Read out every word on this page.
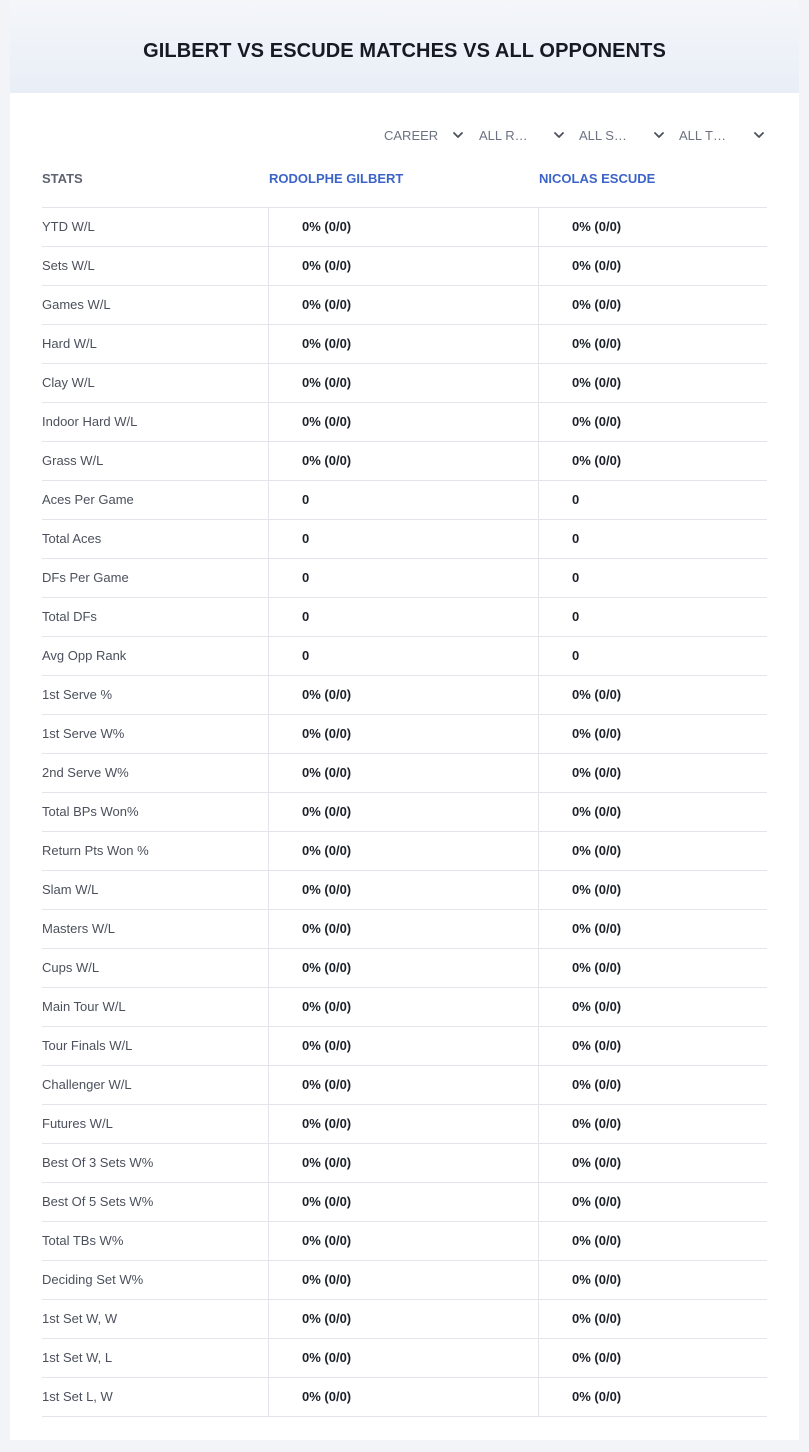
GILBERT VS ESCUDE MATCHES VS ALL OPPONENTS
CAREER	ALL R…	ALL S…	ALL T…
STATS	RODOLPHE GILBERT	NICOLAS ESCUDE
YTD W/L	0% (0/0)	0% (0/0)
Sets W/L	0% (0/0)	0% (0/0)
Games W/L	0% (0/0)	0% (0/0)
Hard W/L	0% (0/0)	0% (0/0)
Clay W/L	0% (0/0)	0% (0/0)
Indoor Hard W/L	0% (0/0)	0% (0/0)
Grass W/L	0% (0/0)	0% (0/0)
Aces Per Game	0	0
Total Aces	0	0
DFs Per Game	0	0
Total DFs	0	0
Avg Opp Rank	0	0
1st Serve %	0% (0/0)	0% (0/0)
1st Serve W%	0% (0/0)	0% (0/0)
2nd Serve W%	0% (0/0)	0% (0/0)
Total BPs Won%	0% (0/0)	0% (0/0)
Return Pts Won %	0% (0/0)	0% (0/0)
Slam W/L	0% (0/0)	0% (0/0)
Masters W/L	0% (0/0)	0% (0/0)
Cups W/L	0% (0/0)	0% (0/0)
Main Tour W/L	0% (0/0)	0% (0/0)
Tour Finals W/L	0% (0/0)	0% (0/0)
Challenger W/L	0% (0/0)	0% (0/0)
Futures W/L	0% (0/0)	0% (0/0)
Best Of 3 Sets W%	0% (0/0)	0% (0/0)
Best Of 5 Sets W%	0% (0/0)	0% (0/0)
Total TBs W%	0% (0/0)	0% (0/0)
Deciding Set W%	0% (0/0)	0% (0/0)
1st Set W, W	0% (0/0)	0% (0/0)
1st Set W, L	0% (0/0)	0% (0/0)
1st Set L, W	0% (0/0)	0% (0/0)
